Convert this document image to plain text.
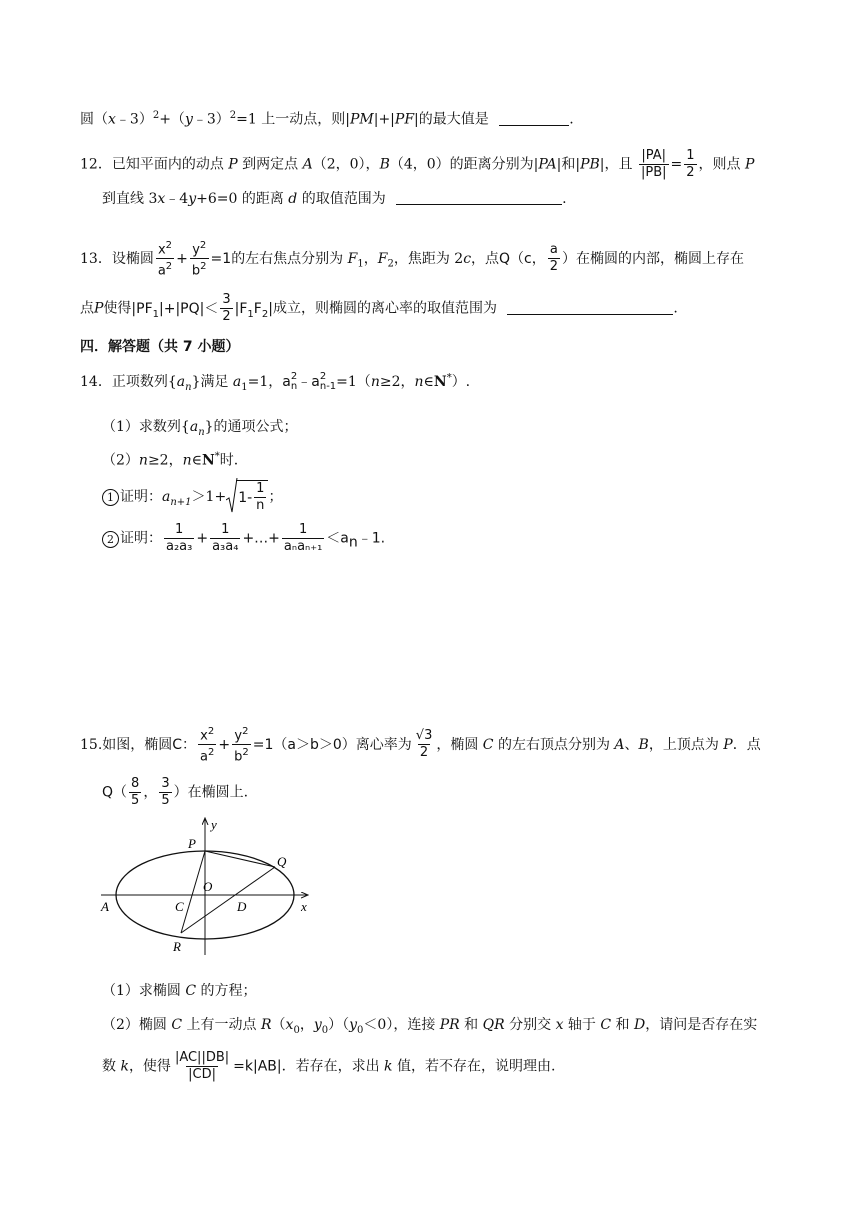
圆（x﹣3）$^2$+（y﹣3）$^2$=1 上一动点，则|PM|+|PF|的最大值是	.
12．已知平面内的动点 P 到两定点 A（2，0），B（4，0）的距离分别为|PA|和|PB|，且 $\frac{|PA|}{|PB|} = \frac{1}{2}$ ，则点 P
到直线 3x﹣4y+6=0 的距离 d 的取值范围为	.
13．设椭圆 $\frac{x^2}{a^2} + \frac{y^2}{b^2} =1$的左右焦点分别为 $F_1$，$F_2$，焦距为 2c，点Q（c， $\frac{a}{2}$ ）在椭圆的内部，椭圆上存在
点P使得$|PF_1|+|PQ|< \frac{3}{2} |F_1F_2|$成立，则椭圆的离心率的取值范围为	.
四．解答题（共 7 小题）
14．正项数列$\{a_n\}$满足 $a_1=1$，a 2
n ﹣a 2
n-1 =1（n≥2，n∈N*）.
（1）求数列$\{a_n\}$的通项公式；
（2）n≥2，n∈N*时.
1 证明：$a_{n+1}>1+ 1- \frac{1}{n}$ ；
2 证明： $\frac{1}{\text{a₂a₃}} + \frac{1}{\text{a₃a₄}}$ +…+ $\frac{1}{\text{aₙaₙ₊₁}}$ $<a_n﹣1$.
15.如图，椭圆C： $\frac{x^2}{a^2} + \frac{y^2}{b^2} =1(a>b>0)$离心率为 $\frac{√3}{2}$ ，椭圆 C 的左右顶点分别为 A、B，上顶点为 P．点
$Q( \frac{8}{5}$ ， $\frac{3}{5}$ ）在椭圆上.
y
P
Q
O
A	C	D	x
R
（1）求椭圆 C 的方程；
（2）椭圆 C 上有一动点 $R(x_0$，$y_0)(y_0<0)$，连接 PR 和 QR 分别交 x 轴于 C 和 D，请问是否存在实
数 k，使得 $\frac{|AC||DB|}{|CD|} =k|AB|$．若存在，求出 k 值，若不存在，说明理由.
